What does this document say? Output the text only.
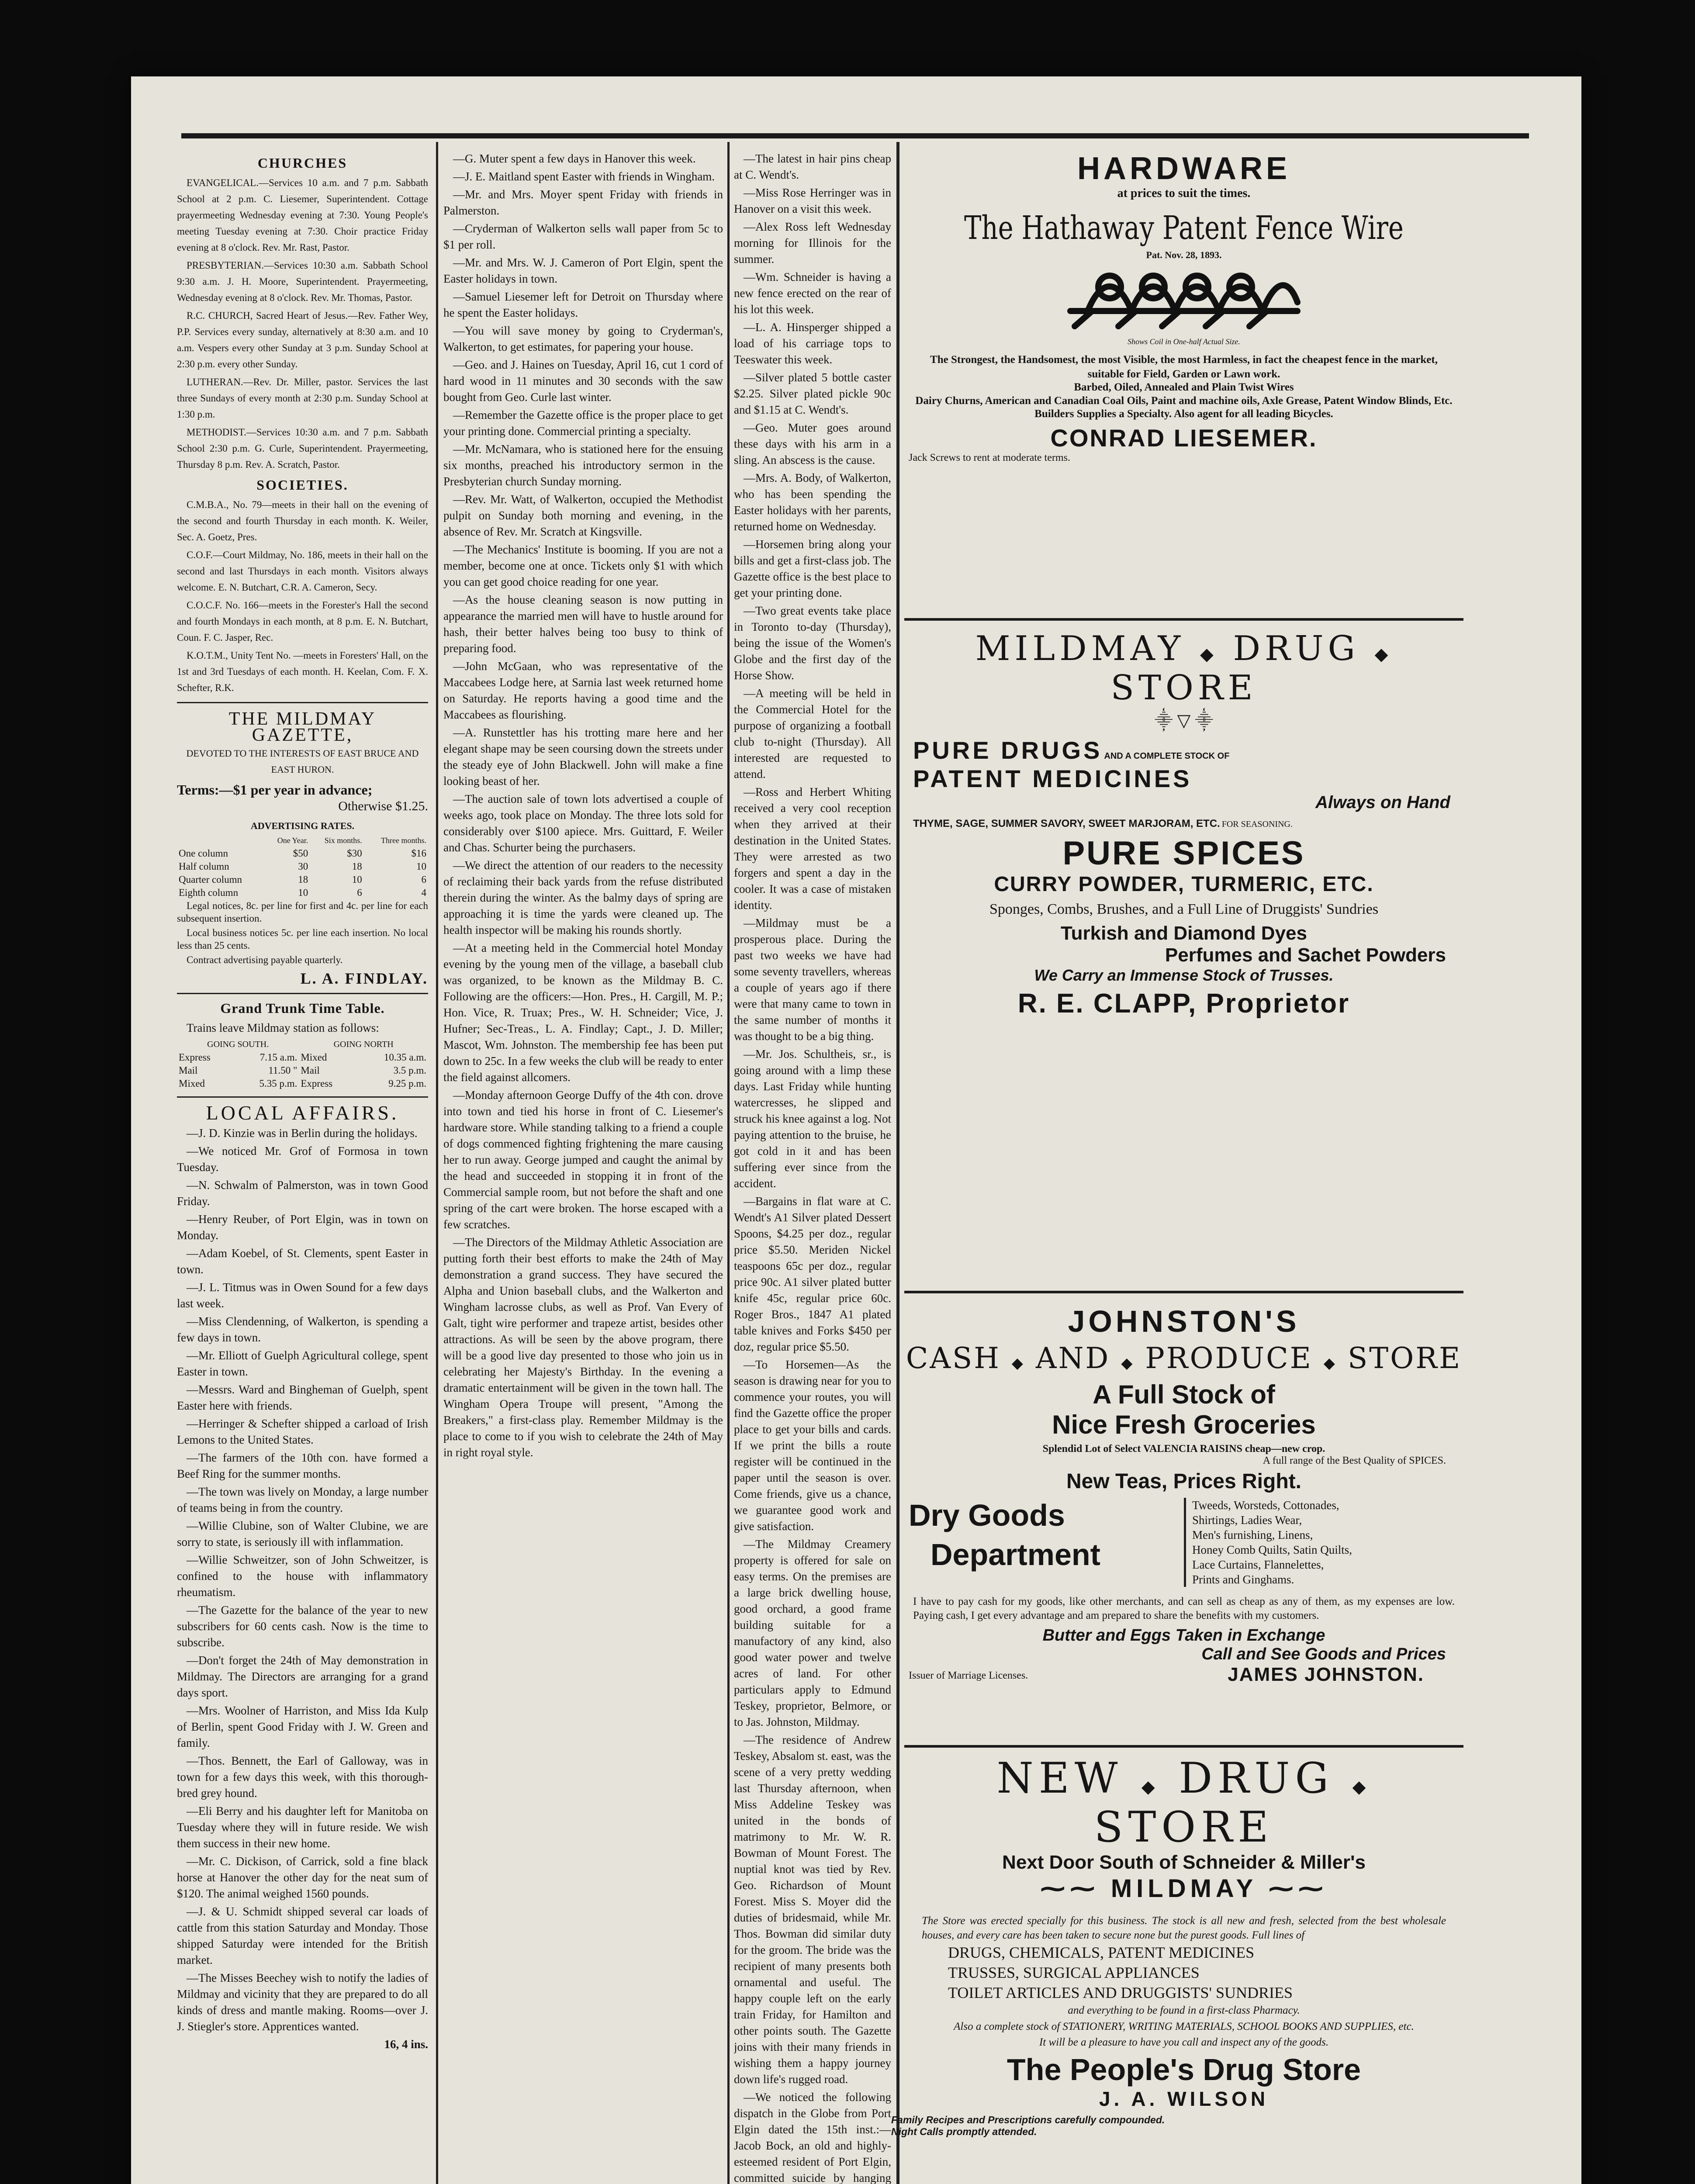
CHURCHES

EVANGELICAL.—Services 10 a.m. and 7 p.m. Sabbath School at 2 p.m. C. Liesemer, Superintendent. Cottage prayermeeting Wednesday evening at 7:30. Young People's meeting Tuesday evening at 7:30. Choir practice Friday evening at 8 o'clock. Rev. Mr. Rast, Pastor.

PRESBYTERIAN.—Services 10:30 a.m. Sabbath School 9:30 a.m. J. H. Moore, Superintendent. Prayermeeting, Wednesday evening at 8 o'clock. Rev. Mr. Thomas, Pastor.

R.C. CHURCH, Sacred Heart of Jesus.—Rev. Father Wey, P.P. Services every sunday, alternatively at 8:30 a.m. and 10 a.m. Vespers every other Sunday at 3 p.m. Sunday School at 2:30 p.m. every other Sunday.

LUTHERAN.—Rev. Dr. Miller, pastor. Services the last three Sundays of every month at 2:30 p.m. Sunday School at 1:30 p.m.

METHODIST.—Services 10:30 a.m. and 7 p.m. Sabbath School 2:30 p.m. G. Curle, Superintendent. Prayermeeting, Thursday 8 p.m. Rev. A. Scratch, Pastor.

SOCIETIES.

C.M.B.A., No. 79—meets in their hall on the evening of the second and fourth Thursday in each month. K. Weiler, Sec. A. Goetz, Pres.

C.O.F.—Court Mildmay, No. 186, meets in their hall on the second and last Thursdays in each month. Visitors always welcome. E. N. Butchart, C.R. A. Cameron, Secy.

C.O.C.F. No. 166—meets in the Forester's Hall the second and fourth Mondays in each month, at 8 p.m. E. N. Butchart, Coun. F. C. Jasper, Rec.

K.O.T.M., Unity Tent No. —meets in Foresters' Hall, on the 1st and 3rd Tuesdays of each month. H. Keelan, Com. F. X. Schefter, R.K.

THE MILDMAY GAZETTE,
DEVOTED TO THE INTERESTS OF EAST BRUCE AND EAST HURON.
Terms:—$1 per year in advance;
Otherwise $1.25.
ADVERTISING RATES.
	One Year.	Six months.	Three months.
One column	$50	$30	$16
Half column	30	18	10
Quarter column	18	10	6
Eighth column	10	6	4

Legal notices, 8c. per line for first and 4c. per line for each subsequent insertion.

Local business notices 5c. per line each insertion. No local less than 25 cents.

Contract advertising payable quarterly.

L. A. FINDLAY.
Grand Trunk Time Table.

Trains leave Mildmay station as follows:

GOING SOUTH.		GOING NORTH	
Express	7.15 a.m.	Mixed	10.35 a.m.
Mail	11.50 "	Mail	3.5 p.m.
Mixed	5.35 p.m.	Express	9.25 p.m.
LOCAL AFFAIRS.

—J. D. Kinzie was in Berlin during the holidays.

—We noticed Mr. Grof of Formosa in town Tuesday.

—N. Schwalm of Palmerston, was in town Good Friday.

—Henry Reuber, of Port Elgin, was in town on Monday.

—Adam Koebel, of St. Clements, spent Easter in town.

—J. L. Titmus was in Owen Sound for a few days last week.

—Miss Clendenning, of Walkerton, is spending a few days in town.

—Mr. Elliott of Guelph Agricultural college, spent Easter in town.

—Messrs. Ward and Bingheman of Guelph, spent Easter here with friends.

—Herringer & Schefter shipped a carload of Irish Lemons to the United States.

—The farmers of the 10th con. have formed a Beef Ring for the summer months.

—The town was lively on Monday, a large number of teams being in from the country.

—Willie Clubine, son of Walter Clubine, we are sorry to state, is seriously ill with inflammation.

—Willie Schweitzer, son of John Schweitzer, is confined to the house with inflammatory rheumatism.

—The Gazette for the balance of the year to new subscribers for 60 cents cash. Now is the time to subscribe.

—Don't forget the 24th of May demonstration in Mildmay. The Directors are arranging for a grand days sport.

—Mrs. Woolner of Harriston, and Miss Ida Kulp of Berlin, spent Good Friday with J. W. Green and family.

—Thos. Bennett, the Earl of Galloway, was in town for a few days this week, with this thorough-bred grey hound.

—Eli Berry and his daughter left for Manitoba on Tuesday where they will in future reside. We wish them success in their new home.

—Mr. C. Dickison, of Carrick, sold a fine black horse at Hanover the other day for the neat sum of $120. The animal weighed 1560 pounds.

—J. & U. Schmidt shipped several car loads of cattle from this station Saturday and Monday. Those shipped Saturday were intended for the British market.

—The Misses Beechey wish to notify the ladies of Mildmay and vicinity that they are prepared to do all kinds of dress and mantle making. Rooms—over J. J. Stiegler's store. Apprentices wanted.

16, 4 ins.

—G. Muter spent a few days in Hanover this week.

—J. E. Maitland spent Easter with friends in Wingham.

—Mr. and Mrs. Moyer spent Friday with friends in Palmerston.

—Cryderman of Walkerton sells wall paper from 5c to $1 per roll.

—Mr. and Mrs. W. J. Cameron of Port Elgin, spent the Easter holidays in town.

—Samuel Liesemer left for Detroit on Thursday where he spent the Easter holidays.

—You will save money by going to Cryderman's, Walkerton, to get estimates, for papering your house.

—Geo. and J. Haines on Tuesday, April 16, cut 1 cord of hard wood in 11 minutes and 30 seconds with the saw bought from Geo. Curle last winter.

—Remember the Gazette office is the proper place to get your printing done. Commercial printing a specialty.

—Mr. McNamara, who is stationed here for the ensuing six months, preached his introductory sermon in the Presbyterian church Sunday morning.

—Rev. Mr. Watt, of Walkerton, occupied the Methodist pulpit on Sunday both morning and evening, in the absence of Rev. Mr. Scratch at Kingsville.

—The Mechanics' Institute is booming. If you are not a member, become one at once. Tickets only $1 with which you can get good choice reading for one year.

—As the house cleaning season is now putting in appearance the married men will have to hustle around for hash, their better halves being too busy to think of preparing food.

—John McGaan, who was representative of the Maccabees Lodge here, at Sarnia last week returned home on Saturday. He reports having a good time and the Maccabees as flourishing.

—A. Runstettler has his trotting mare here and her elegant shape may be seen coursing down the streets under the steady eye of John Blackwell. John will make a fine looking beast of her.

—The auction sale of town lots advertised a couple of weeks ago, took place on Monday. The three lots sold for considerably over $100 apiece. Mrs. Guittard, F. Weiler and Chas. Schurter being the purchasers.

—We direct the attention of our readers to the necessity of reclaiming their back yards from the refuse distributed therein during the winter. As the balmy days of spring are approaching it is time the yards were cleaned up. The health inspector will be making his rounds shortly.

—At a meeting held in the Commercial hotel Monday evening by the young men of the village, a baseball club was organized, to be known as the Mildmay B. C. Following are the officers:—Hon. Pres., H. Cargill, M. P.; Hon. Vice, R. Truax; Pres., W. H. Schneider; Vice, J. Hufner; Sec-Treas., L. A. Findlay; Capt., J. D. Miller; Mascot, Wm. Johnston. The membership fee has been put down to 25c. In a few weeks the club will be ready to enter the field against allcomers.

—Monday afternoon George Duffy of the 4th con. drove into town and tied his horse in front of C. Liesemer's hardware store. While standing talking to a friend a couple of dogs commenced fighting frightening the mare causing her to run away. George jumped and caught the animal by the head and succeeded in stopping it in front of the Commercial sample room, but not before the shaft and one spring of the cart were broken. The horse escaped with a few scratches.

—The Directors of the Mildmay Athletic Association are putting forth their best efforts to make the 24th of May demonstration a grand success. They have secured the Alpha and Union baseball clubs, and the Walkerton and Wingham lacrosse clubs, as well as Prof. Van Every of Galt, tight wire performer and trapeze artist, besides other attractions. As will be seen by the above program, there will be a good live day presented to those who join us in celebrating her Majesty's Birthday. In the evening a dramatic entertainment will be given in the town hall. The Wingham Opera Troupe will present, "Among the Breakers," a first-class play. Remember Mildmay is the place to come to if you wish to celebrate the 24th of May in right royal style.

—The latest in hair pins cheap at C. Wendt's.

—Miss Rose Herringer was in Hanover on a visit this week.

—Alex Ross left Wednesday morning for Illinois for the summer.

—Wm. Schneider is having a new fence erected on the rear of his lot this week.

—L. A. Hinsperger shipped a load of his carriage tops to Teeswater this week.

—Silver plated 5 bottle caster $2.25. Silver plated pickle 90c and $1.15 at C. Wendt's.

—Geo. Muter goes around these days with his arm in a sling. An abscess is the cause.

—Mrs. A. Body, of Walkerton, who has been spending the Easter holidays with her parents, returned home on Wednesday.

—Horsemen bring along your bills and get a first-class job. The Gazette office is the best place to get your printing done.

—Two great events take place in Toronto to-day (Thursday), being the issue of the Women's Globe and the first day of the Horse Show.

—A meeting will be held in the Commercial Hotel for the purpose of organizing a football club to-night (Thursday). All interested are requested to attend.

—Ross and Herbert Whiting received a very cool reception when they arrived at their destination in the United States. They were arrested as two forgers and spent a day in the cooler. It was a case of mistaken identity.

—Mildmay must be a prosperous place. During the past two weeks we have had some seventy travellers, whereas a couple of years ago if there were that many came to town in the same number of months it was thought to be a big thing.

—Mr. Jos. Schultheis, sr., is going around with a limp these days. Last Friday while hunting watercresses, he slipped and struck his knee against a log. Not paying attention to the bruise, he got cold in it and has been suffering ever since from the accident.

—Bargains in flat ware at C. Wendt's A1 Silver plated Dessert Spoons, $4.25 per doz., regular price $5.50. Meriden Nickel teaspoons 65c per doz., regular price 90c. A1 silver plated butter knife 45c, regular price 60c. Roger Bros., 1847 A1 plated table knives and Forks $450 per doz, regular price $5.50.

—To Horsemen—As the season is drawing near for you to commence your routes, you will find the Gazette office the proper place to get your bills and cards. If we print the bills a route register will be continued in the paper until the season is over. Come friends, give us a chance, we guarantee good work and give satisfaction.

—The Mildmay Creamery property is offered for sale on easy terms. On the premises are a large brick dwelling house, good orchard, a good frame building suitable for a manufactory of any kind, also good water power and twelve acres of land. For other particulars apply to Edmund Teskey, proprietor, Belmore, or to Jas. Johnston, Mildmay.

—The residence of Andrew Teskey, Absalom st. east, was the scene of a very pretty wedding last Thursday afternoon, when Miss Addeline Teskey was united in the bonds of matrimony to Mr. W. R. Bowman of Mount Forest. The nuptial knot was tied by Rev. Geo. Richardson of Mount Forest. Miss S. Moyer did the duties of bridesmaid, while Mr. Thos. Bowman did similar duty for the groom. The bride was the recipient of many presents both ornamental and useful. The happy couple left on the early train Friday, for Hamilton and other points south. The Gazette joins with their many friends in wishing them a happy journey down life's rugged road.

—We noticed the following dispatch in the Globe from Port Elgin dated the 15th inst.:—Jacob Bock, an old and highly-esteemed resident of Port Elgin, committed suicide by hanging

HARDWARE
at prices to suit the times.
The Hathaway Patent Fence Wire
Pat. Nov. 28, 1893.
Shows Coil in One-half Actual Size.
The Strongest, the Handsomest, the most Visible, the most Harmless, in fact the cheapest fence in the market, suitable for Field, Garden or Lawn work.
Barbed, Oiled, Annealed and Plain Twist Wires
Dairy Churns, American and Canadian Coal Oils, Paint and machine oils, Axle Grease, Patent Window Blinds, Etc.
Builders Supplies a Specialty. Also agent for all leading Bicycles.
CONRAD LIESEMER.
Jack Screws to rent at moderate terms.
MILDMAY ◆ DRUG ◆ STORE
⸎ ▽ ⸎
PURE DRUGS AND A COMPLETE STOCK OF
PATENT MEDICINES
Always on Hand
THYME, SAGE, SUMMER SAVORY, SWEET MARJORAM, ETC. FOR SEASONING.
PURE SPICES
CURRY POWDER, TURMERIC, ETC.
Sponges, Combs, Brushes, and a Full Line of Druggists' Sundries
Turkish and Diamond Dyes
Perfumes and Sachet Powders
We Carry an Immense Stock of Trusses.
R. E. CLAPP, Proprietor
JOHNSTON'S
CASH ◆ AND ◆ PRODUCE ◆ STORE
A Full Stock of
Nice Fresh Groceries
Splendid Lot of Select VALENCIA RAISINS cheap—new crop.
A full range of the Best Quality of SPICES.
New Teas, Prices Right.
Dry Goods
Department
Tweeds, Worsteds, Cottonades,
Shirtings, Ladies Wear,
Men's furnishing, Linens,
Honey Comb Quilts, Satin Quilts,
Lace Curtains, Flannelettes,
Prints and Ginghams.
I have to pay cash for my goods, like other merchants, and can sell as cheap as any of them, as my expenses are low. Paying cash, I get every advantage and am prepared to share the benefits with my customers.
Butter and Eggs Taken in Exchange
Call and See Goods and Prices
Issuer of Marriage Licenses.	JAMES JOHNSTON.
NEW ◆ DRUG ◆ STORE
Next Door South of Schneider & Miller's
⁓⁓ MILDMAY ⁓⁓
The Store was erected specially for this business. The stock is all new and fresh, selected from the best wholesale houses, and every care has been taken to secure none but the purest goods. Full lines of
DRUGS, CHEMICALS, PATENT MEDICINES
TRUSSES, SURGICAL APPLIANCES
TOILET ARTICLES AND DRUGGISTS' SUNDRIES
and everything to be found in a first-class Pharmacy.
Also a complete stock of STATIONERY, WRITING MATERIALS, SCHOOL BOOKS AND SUPPLIES, etc.
It will be a pleasure to have you call and inspect any of the goods.
The People's Drug Store
J. A. WILSON
Family Recipes and Prescriptions carefully compounded.
Night Calls promptly attended.
